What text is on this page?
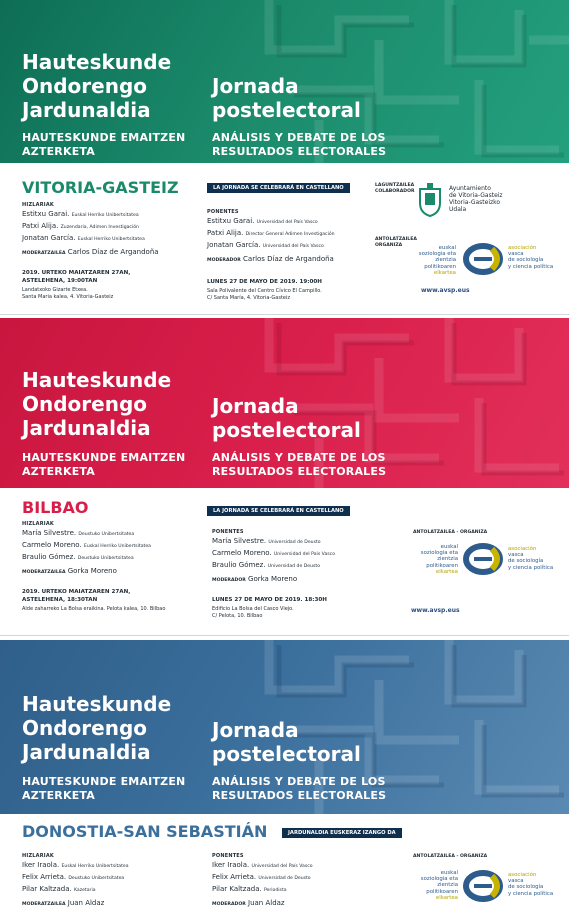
Hauteskunde
Ondorengo
Jardunaldia
HAUTESKUNDE EMAITZEN
AZTERKETA
Jornada
postelectoral
ANÁLISIS Y DEBATE DE LOS
RESULTADOS ELECTORALES
VITORIA-GASTEIZ	LA JORNADA SE CELEBRARÁ EN CASTELLANO
HIZLARIAK
Estitxu Garai. Euskal Herriko Unibertsitatea
Patxi Alija. Zuzendaria, Adimen Investigación
Jonatan García. Euskal Herriko Unibertsitatea
MODERATZAILEA Carlos Díaz de Argandoña
2019. URTEKO MAIATZAREN 27AN,
ASTELEHENA, 19:00TAN
Landatxoko Gizarte Etxea.
Santa Maria kalea, 4. Vitoria-Gasteiz
PONENTES
Estitxu Garai. Universidad del País Vasco
Patxi Alija. Director General Adimen Investigación
Jonatan García. Universidad del País Vasco
MODERADOR Carlos Díaz de Argandoña
LUNES 27 DE MAYO DE 2019. 19:00H
Sala Polivalente del Centro Cívico El Campillo.
C/ Santa María, 4. Vitoria-Gasteiz
LAGUNTZAILEA
COLABORADOR	Ayuntamiento
de Vitoria-Gasteiz
Vitoria-Gasteizko
Udala
ANTOLATZAILEA
ORGANIZA	euskal
soziologia eta
zientzia
politikoaren
elkartea
asociación
vasca
de sociología
y ciencia política
www.avsp.eus
Hauteskunde
Ondorengo
Jardunaldia
HAUTESKUNDE EMAITZEN
AZTERKETA
Jornada
postelectoral
ANÁLISIS Y DEBATE DE LOS
RESULTADOS ELECTORALES
BILBAO	LA JORNADA SE CELEBRARÁ EN CASTELLANO
HIZLARIAK
María Silvestre. Deustuko Unibertsitatea
Carmelo Moreno. Euskal Herriko Unibertsitatea
Braulio Gómez. Deustuko Unibertsitatea
MODERATZAILEA Gorka Moreno
2019. URTEKO MAIATZAREN 27AN,
ASTELEHENA, 18:30TAN
Alde zaharreko La Bolsa eraikina. Pelota kalea, 10. Bilbao
PONENTES
María Silvestre. Universidad de Deusto
Carmelo Moreno. Universidad del País Vasco
Braulio Gómez. Universidad de Deusto
MODERADOR Gorka Moreno
LUNES 27 DE MAYO DE 2019. 18:30H
Edificio La Bolsa del Casco Viejo.
C/ Pelota, 10. Bilbao
ANTOLATZAILEA - ORGANIZA
euskal
soziologia eta
zientzia
politikoaren
elkartea
asociación
vasca
de sociología
y ciencia política
www.avsp.eus
Hauteskunde
Ondorengo
Jardunaldia
HAUTESKUNDE EMAITZEN
AZTERKETA
Jornada
postelectoral
ANÁLISIS Y DEBATE DE LOS
RESULTADOS ELECTORALES
DONOSTIA-SAN SEBASTIÁN	JARDUNALDIA EUSKERAZ IZANGO DA
HIZLARIAK
Iker Iraola. Euskal Herriko Unibertsitatea
Felix Arrieta. Deustuko Unibertsitatea
Pilar Kaltzada. Kazetaria
MODERATZAILEA Juan Aldaz
PONENTES
Iker Iraola. Universidad del País Vasco
Felix Arrieta. Universidad de Deusto
Pilar Kaltzada. Periodista
MODERADOR Juan Aldaz
ANTOLATZAILEA - ORGANIZA
euskal
soziologia eta
zientzia
politikoaren
elkartea
asociación
vasca
de sociología
y ciencia política
